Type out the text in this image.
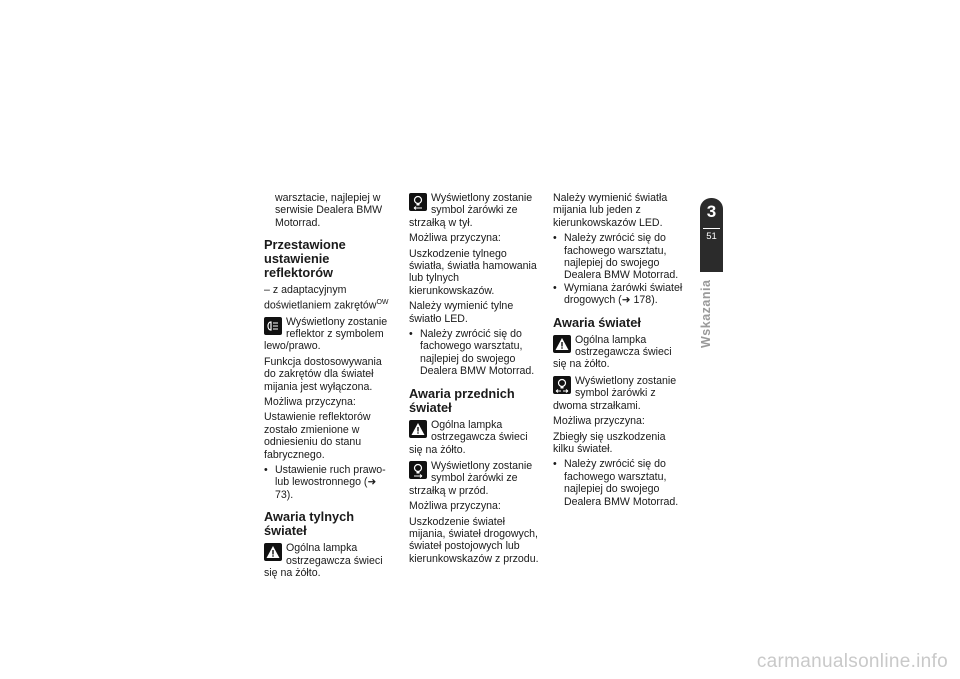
warsztacie, najlepiej w serwisie Dealera BMW Motorrad.

Przestawione ustawienie reflektorów

– z adaptacyjnym doświetlaniem zakrętów$^{OW}$

Wyświetlony zostanie reflektor z symbolem lewo/prawo.

Funkcja dostosowywania do zakrętów dla świateł mijania jest wyłączona.

Możliwa przyczyna:

Ustawienie reflektorów zostało zmienione w odniesieniu do stanu fabrycznego.

• Ustawienie ruch prawo- lub lewostronnego (➜ 73).
Awaria tylnych świateł
Ogólna lampka ostrzegawcza świeci się na żółto.
Wyświetlony zostanie symbol żarówki ze strzałką w tył.

Możliwa przyczyna:

Uszkodzenie tylnego światła, światła hamowania lub tylnych kierunkowskazów.

Należy wymienić tylne światło LED.

• Należy zwrócić się do fachowego warsztatu, najlepiej do swojego Dealera BMW Motorrad.
Awaria przednich świateł
Ogólna lampka ostrzegawcza świeci się na żółto.
Wyświetlony zostanie symbol żarówki ze strzałką w przód.

Możliwa przyczyna:

Uszkodzenie świateł mijania, świateł drogowych, świateł postojowych lub kierunkowskazów z przodu.

Należy wymienić światła mijania lub jeden z kierunkowskazów LED.

• Należy zwrócić się do fachowego warsztatu, najlepiej do swojego Dealera BMW Motorrad.
• Wymiana żarówki świateł drogowych (➜ 178).
Awaria świateł
Ogólna lampka ostrzegawcza świeci się na żółto.
Wyświetlony zostanie symbol żarówki z dwoma strzałkami.

Możliwa przyczyna:

Zbiegły się uszkodzenia kilku świateł.

• Należy zwrócić się do fachowego warsztatu, najlepiej do swojego Dealera BMW Motorrad.
3
51
Wskazania
carmanualsonline.info
